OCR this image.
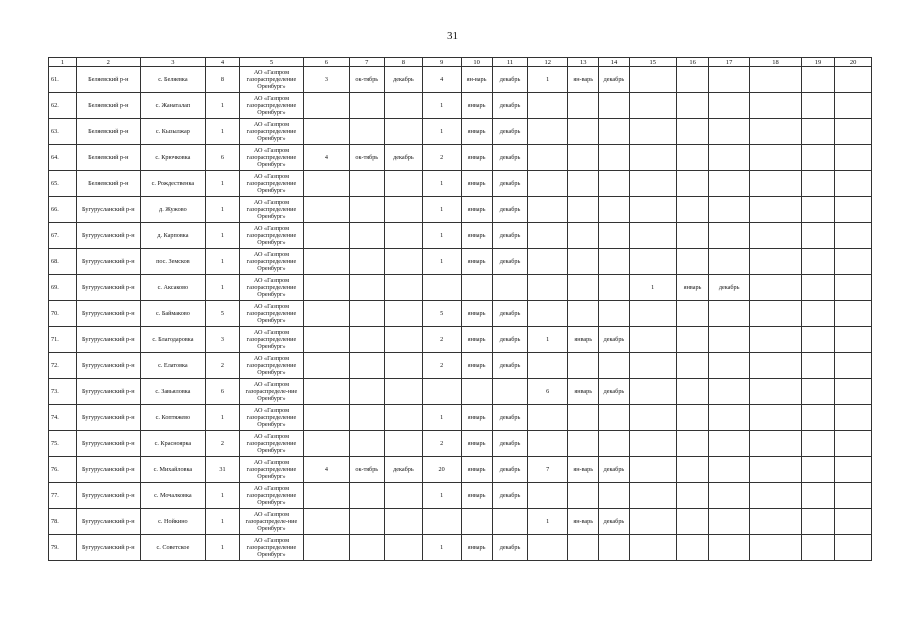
31
1	2	3	4	5	6	7	8	9	10	11	12	13	14	15	16	17	18	19	20
61.	Беляевский р-н	с. Беляевка	8	АО «Газпром газораспределение Оренбург»	3	ок-тябрь	декабрь	4	ян-варь	декабрь	1	ян-варь	декабрь						
62.	Беляевский р-н	с. Жанаталап	1	АО «Газпром газораспределение Оренбург»				1	январь	декабрь									
63.	Беляевский р-н	с. Кызылжар	1	АО «Газпром газораспределение Оренбург»				1	январь	декабрь									
64.	Беляевский р-н	с. Крючковка	6	АО «Газпром газораспределение Оренбург»	4	ок-тябрь	декабрь	2	январь	декабрь									
65.	Беляевский р-н	с. Рождественка	1	АО «Газпром газораспределение Оренбург»				1	январь	декабрь									
66.	Бугурусланский р-н	д. Жужово	1	АО «Газпром газораспределение Оренбург»				1	январь	декабрь									
67.	Бугурусланский р-н	д. Карповка	1	АО «Газпром газораспределение Оренбург»				1	январь	декабрь									
68.	Бугурусланский р-н	пос. Земсков	1	АО «Газпром газораспределение Оренбург»				1	январь	декабрь									
69.	Бугурусланский р-н	с. Аксаково	1	АО «Газпром газораспределение Оренбург»										1	январь	декабрь			
70.	Бугурусланский р-н	с. Баймаково	5	АО «Газпром газораспределение Оренбург»				5	январь	декабрь									
71.	Бугурусланский р-н	с. Благодаровка	3	АО «Газпром газораспределение Оренбург»				2	январь	декабрь	1	январь	декабрь						
72.	Бугурусланский р-н	с. Елатовка	2	АО «Газпром газораспределение Оренбург»				2	январь	декабрь									
73.	Бугурусланский р-н	с. Завьяловка	6	АО «Газпром газораспределе-ние Оренбург»							6	январь	декабрь						
74.	Бугурусланский р-н	с. Коптяжево	1	АО «Газпром газораспределение Оренбург»				1	январь	декабрь									
75.	Бугурусланский р-н	с. Красноярка	2	АО «Газпром газораспределение Оренбург»				2	январь	декабрь									
76.	Бугурусланский р-н	с. Михайловка	31	АО «Газпром газораспределение Оренбург»	4	ок-тябрь	декабрь	20	январь	декабрь	7	ян-варь	декабрь						
77.	Бугурусланский р-н	с. Мочалковка	1	АО «Газпром газораспределение Оренбург»				1	январь	декабрь									
78.	Бугурусланский р-н	с. Нойкино	1	АО «Газпром газораспределе-ние Оренбург»							1	ян-варь	декабрь						
79.	Бугурусланский р-н	с. Советское	1	АО «Газпром газораспределение Оренбург»				1	январь	декабрь									
